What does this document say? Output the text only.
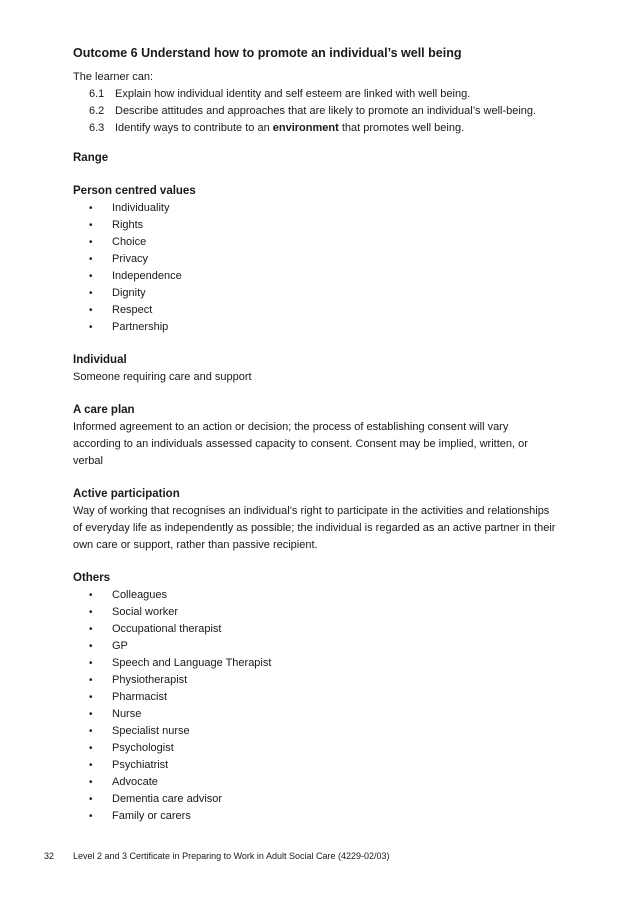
Outcome 6 Understand how to promote an individual’s well being

The learner can:

6.1 Explain how individual identity and self esteem are linked with well being.
6.2 Describe attitudes and approaches that are likely to promote an individual’s well-being.
6.3 Identify ways to contribute to an environment that promotes well being.

Range

Person centred values

•	Individuality
•	Rights
•	Choice
•	Privacy
•	Independence
•	Dignity
•	Respect
•	Partnership

Individual

Someone requiring care and support

A care plan

Informed agreement to an action or decision; the process of establishing consent will vary
according to an individuals assessed capacity to consent. Consent may be implied, written, or
verbal

Active participation

Way of working that recognises an individual’s right to participate in the activities and relationships
of everyday life as independently as possible; the individual is regarded as an active partner in their
own care or support, rather than passive recipient.

Others

•	Colleagues
•	Social worker
•	Occupational therapist
•	GP
•	Speech and Language Therapist
•	Physiotherapist
•	Pharmacist
•	Nurse
•	Specialist nurse
•	Psychologist
•	Psychiatrist
•	Advocate
•	Dementia care advisor
•	Family or carers
32 Level 2 and 3 Certificate in Preparing to Work in Adult Social Care (4229-02/03)
